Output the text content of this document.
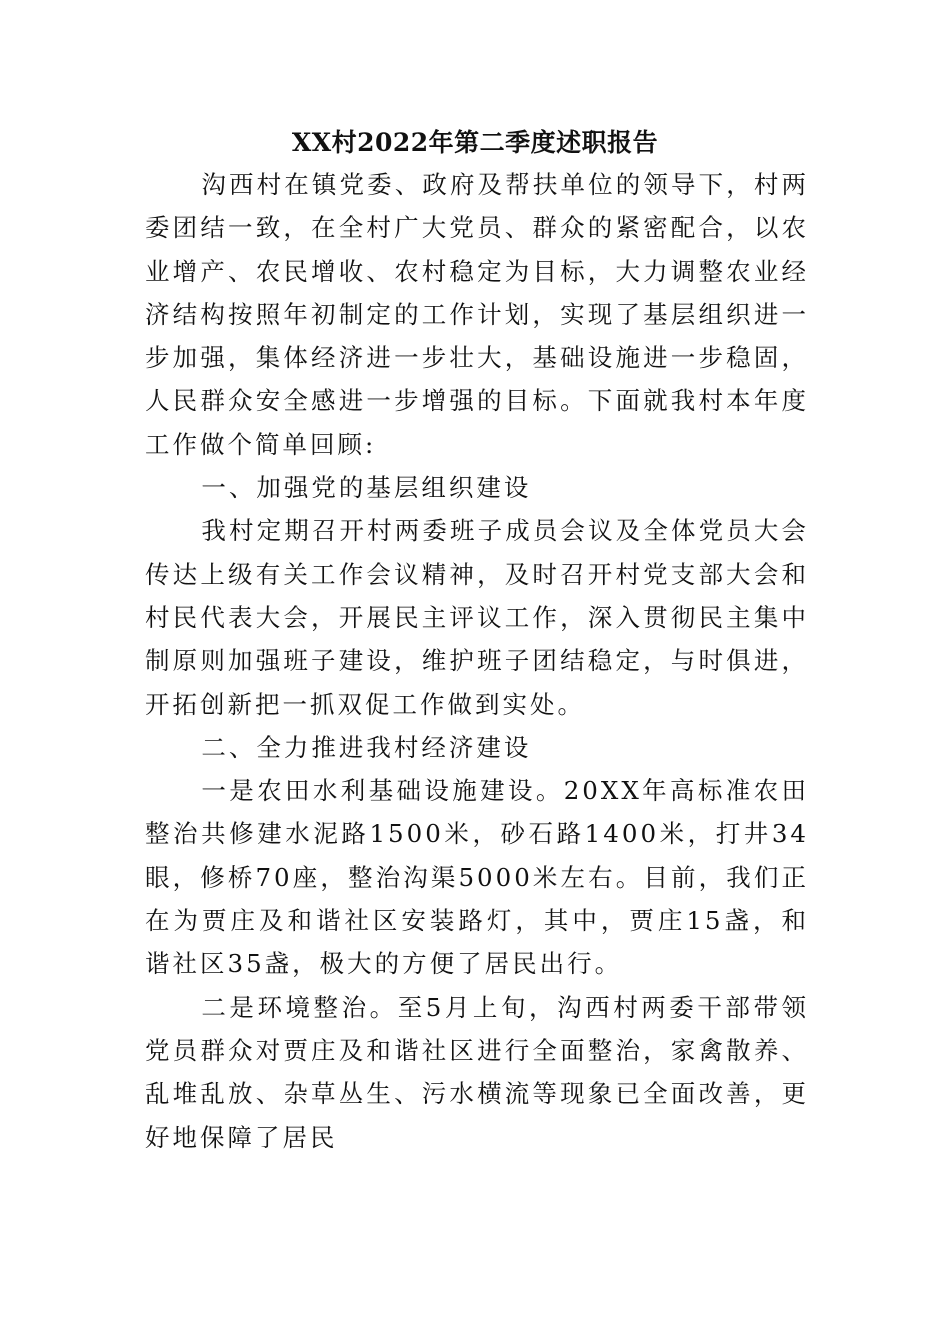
XX村2022年第二季度述职报告

沟西村在镇党委、政府及帮扶单位的领导下，村两委团结一致，在全村广大党员、群众的紧密配合，以农业增产、农民增收、农村稳定为目标，大力调整农业经济结构按照年初制定的工作计划，实现了基层组织进一步加强，集体经济进一步壮大，基础设施进一步稳固，人民群众安全感进一步增强的目标。下面就我村本年度工作做个简单回顾:

一、加强党的基层组织建设

我村定期召开村两委班子成员会议及全体党员大会传达上级有关工作会议精神，及时召开村党支部大会和村民代表大会，开展民主评议工作，深入贯彻民主集中制原则加强班子建设，维护班子团结稳定，与时俱进，开拓创新把一抓双促工作做到实处。

二、全力推进我村经济建设

一是农田水利基础设施建设。20XX年高标准农田整治共修建水泥路1500米，砂石路1400米，打井34眼，修桥70座，整治沟渠5000米左右。目前，我们正在为贾庄及和谐社区安装路灯，其中，贾庄15盏，和谐社区35盏，极大的方便了居民出行。

二是环境整治。至5月上旬，沟西村两委干部带领党员群众对贾庄及和谐社区进行全面整治，家禽散养、乱堆乱放、杂草丛生、污水横流等现象已全面改善，更好地保障了居民
